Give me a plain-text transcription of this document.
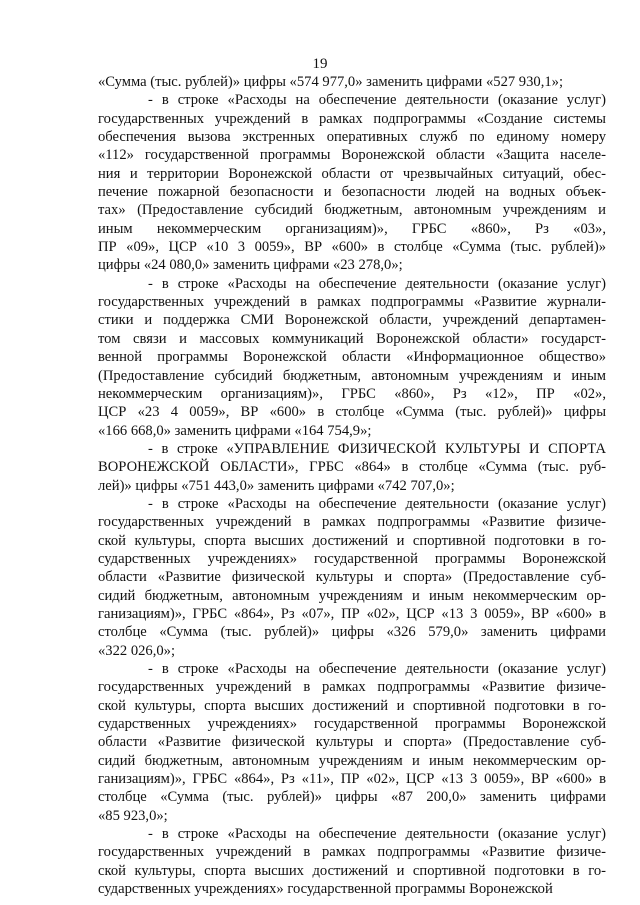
19
«Сумма (тыс. рублей)» цифры «574 977,0» заменить цифрами «527 930,1»;
- в строке «Расходы на обеспечение деятельности (оказание услуг)
государственных учреждений в рамках подпрограммы «Создание системы
обеспечения вызова экстренных оперативных служб по единому номеру
«112» государственной программы Воронежской области «Защита населе-
ния и территории Воронежской области от чрезвычайных ситуаций, обес-
печение пожарной безопасности и безопасности людей на водных объек-
тах» (Предоставление субсидий бюджетным, автономным учреждениям и
иным некоммерческим организациям)», ГРБС «860», Рз «03»,
ПР «09», ЦСР «10 3 0059», ВР «600» в столбце «Сумма (тыс. рублей)»
цифры «24 080,0» заменить цифрами «23 278,0»;
- в строке «Расходы на обеспечение деятельности (оказание услуг)
государственных учреждений в рамках подпрограммы «Развитие журнали-
стики и поддержка СМИ Воронежской области, учреждений департамен-
том связи и массовых коммуникаций Воронежской области» государст-
венной программы Воронежской области «Информационное общество»
(Предоставление субсидий бюджетным, автономным учреждениям и иным
некоммерческим организациям)», ГРБС «860», Рз «12», ПР «02»,
ЦСР «23 4 0059», ВР «600» в столбце «Сумма (тыс. рублей)» цифры
«166 668,0» заменить цифрами «164 754,9»;
- в строке «УПРАВЛЕНИЕ ФИЗИЧЕСКОЙ КУЛЬТУРЫ И СПОРТА
ВОРОНЕЖСКОЙ ОБЛАСТИ», ГРБС «864» в столбце «Сумма (тыс. руб-
лей)» цифры «751 443,0» заменить цифрами «742 707,0»;
- в строке «Расходы на обеспечение деятельности (оказание услуг)
государственных учреждений в рамках подпрограммы «Развитие физиче-
ской культуры, спорта высших достижений и спортивной подготовки в го-
сударственных учреждениях» государственной программы Воронежской
области «Развитие физической культуры и спорта» (Предоставление суб-
сидий бюджетным, автономным учреждениям и иным некоммерческим ор-
ганизациям)», ГРБС «864», Рз «07», ПР «02», ЦСР «13 3 0059», ВР «600» в
столбце «Сумма (тыс. рублей)» цифры «326 579,0» заменить цифрами
«322 026,0»;
- в строке «Расходы на обеспечение деятельности (оказание услуг)
государственных учреждений в рамках подпрограммы «Развитие физиче-
ской культуры, спорта высших достижений и спортивной подготовки в го-
сударственных учреждениях» государственной программы Воронежской
области «Развитие физической культуры и спорта» (Предоставление суб-
сидий бюджетным, автономным учреждениям и иным некоммерческим ор-
ганизациям)», ГРБС «864», Рз «11», ПР «02», ЦСР «13 3 0059», ВР «600» в
столбце «Сумма (тыс. рублей)» цифры «87 200,0» заменить цифрами
«85 923,0»;
- в строке «Расходы на обеспечение деятельности (оказание услуг)
государственных учреждений в рамках подпрограммы «Развитие физиче-
ской культуры, спорта высших достижений и спортивной подготовки в го-
сударственных учреждениях» государственной программы Воронежской
